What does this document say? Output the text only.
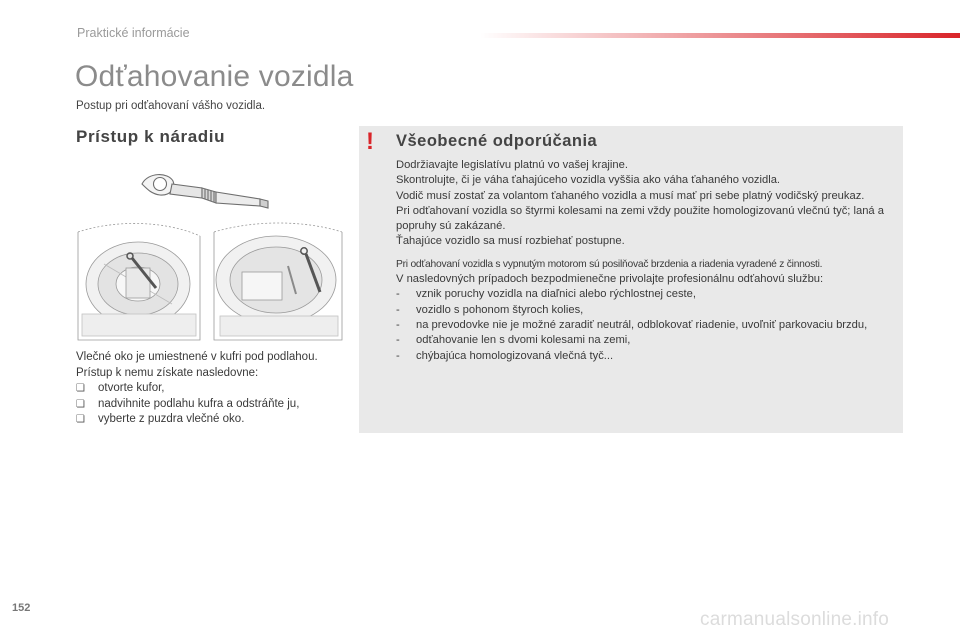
Praktické informácie
Odťahovanie vozidla
Postup pri odťahovaní vášho vozidla.
Prístup k náradiu

Vlečné oko je umiestnené v kufri pod podlahou.

Prístup k nemu získate nasledovne:

❏	otvorte kufor,
❏	nadvihnite podlahu kufra a odstráňte ju,
❏	vyberte z puzdra vlečné oko.
! Všeobecné odporúčania

Dodržiavajte legislatívu platnú vo vašej krajine.

Skontrolujte, či je váha ťahajúceho vozidla vyššia ako váha ťahaného vozidla.

Vodič musí zostať za volantom ťahaného vozidla a musí mať pri sebe platný vodičský preukaz.

Pri odťahovaní vozidla so štyrmi kolesami na zemi vždy použite homologizovanú vlečnú tyč; laná a popruhy sú zakázané.

Ťahajúce vozidlo sa musí rozbiehať postupne.

Pri odťahovaní vozidla s vypnutým motorom sú posilňovač brzdenia a riadenia vyradené z činnosti.

V nasledovných prípadoch bezpodmienečne privolajte profesionálnu odťahovú službu:

-	vznik poruchy vozidla na diaľnici alebo rýchlostnej ceste,
-	vozidlo s pohonom štyroch kolies,
-	na prevodovke nie je možné zaradiť neutrál, odblokovať riadenie, uvoľniť parkovaciu brzdu,
-	odťahovanie len s dvomi kolesami na zemi,
-	chýbajúca homologizovaná vlečná tyč...
152
carmanualsonline.info
